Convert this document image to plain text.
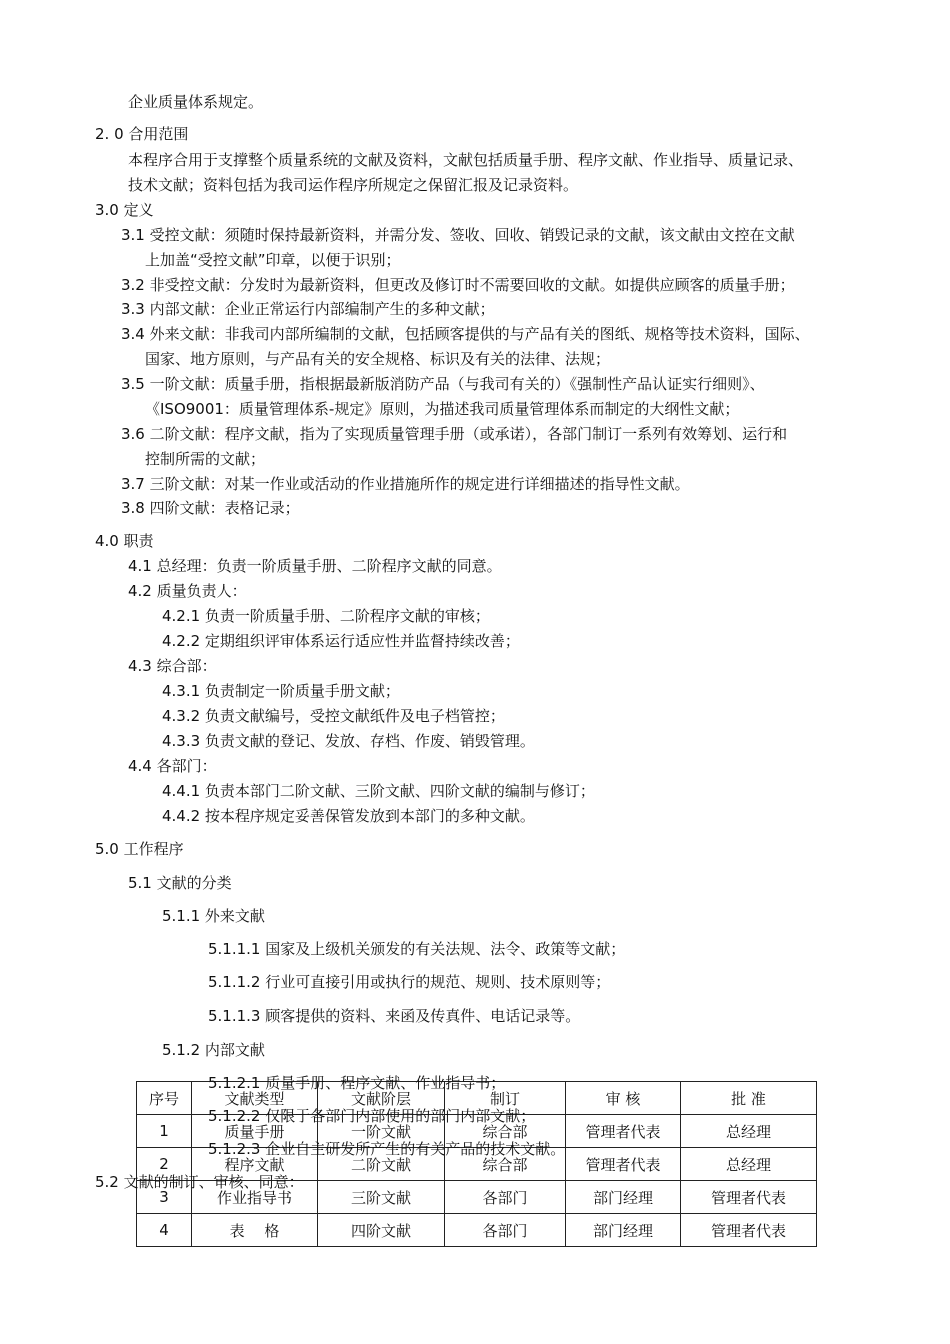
企业质量体系规定。
2. 0 合用范围
本程序合用于支撑整个质量系统的文献及资料，文献包括质量手册、程序文献、作业指导、质量记录、
技术文献；资料包括为我司运作程序所规定之保留汇报及记录资料。
3.0 定义
3.1 受控文献：须随时保持最新资料，并需分发、签收、回收、销毁记录的文献，该文献由文控在文献
上加盖“受控文献”印章，以便于识别；
3.2 非受控文献：分发时为最新资料，但更改及修订时不需要回收的文献。如提供应顾客的质量手册；
3.3 内部文献：企业正常运行内部编制产生的多种文献；
3.4 外来文献：非我司内部所编制的文献，包括顾客提供的与产品有关的图纸、规格等技术资料，国际、
国家、地方原则，与产品有关的安全规格、标识及有关的法律、法规；
3.5 一阶文献：质量手册，指根据最新版消防产品（与我司有关的）《强制性产品认证实行细则》、
《ISO9001：质量管理体系-规定》原则，为描述我司质量管理体系而制定的大纲性文献；
3.6 二阶文献：程序文献，指为了实现质量管理手册（或承诺），各部门制订一系列有效筹划、运行和
控制所需的文献；
3.7 三阶文献：对某一作业或活动的作业措施所作的规定进行详细描述的指导性文献。
3.8 四阶文献：表格记录；
4.0 职责
4.1 总经理：负责一阶质量手册、二阶程序文献的同意。
4.2 质量负责人：
4.2.1 负责一阶质量手册、二阶程序文献的审核；
4.2.2 定期组织评审体系运行适应性并监督持续改善；
4.3 综合部：
4.3.1 负责制定一阶质量手册文献；
4.3.2 负责文献编号，受控文献纸件及电子档管控；
4.3.3 负责文献的登记、发放、存档、作废、销毁管理。
4.4 各部门：
4.4.1 负责本部门二阶文献、三阶文献、四阶文献的编制与修订；
4.4.2 按本程序规定妥善保管发放到本部门的多种文献。
5.0 工作程序
5.1 文献的分类
5.1.1 外来文献
5.1.1.1 国家及上级机关颁发的有关法规、法令、政策等文献；
5.1.1.2 行业可直接引用或执行的规范、规则、技术原则等；
5.1.1.3 顾客提供的资料、来函及传真件、电话记录等。
5.1.2 内部文献
序号	文献类型	文献阶层	制订	审 核	批 准
1	质量手册	一阶文献	综合部	管理者代表	总经理
2	程序文献	二阶文献	综合部	管理者代表	总经理
3	作业指导书	三阶文献	各部门	部门经理	管理者代表
4	表　 格	四阶文献	各部门	部门经理	管理者代表
5.1.2.1 质量手册、程序文献、作业指导书；
5.1.2.2 仅限于各部门内部使用的部门内部文献；
5.1.2.3 企业自主研发所产生的有关产品的技术文献。
5.2 文献的制订、审核、同意：
